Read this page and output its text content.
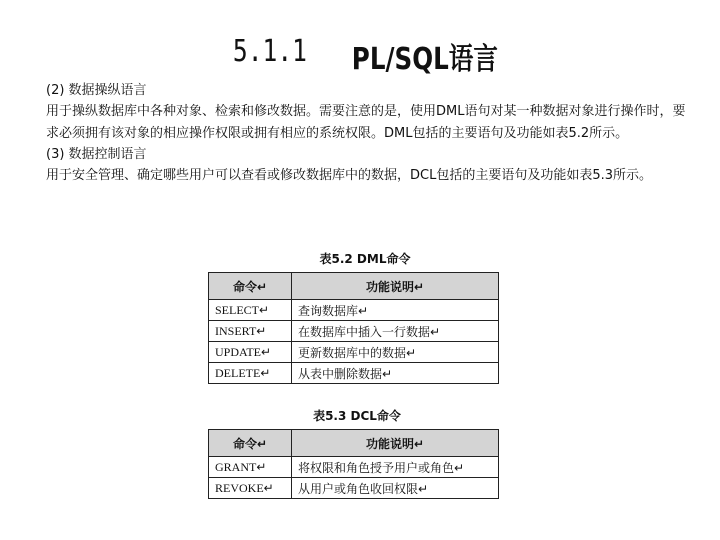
5.1.1 PL/SQL语言

(2) 数据操纵语言

用于操纵数据库中各种对象、检索和修改数据。需要注意的是，使用DML语句对某一种数据对象进行操作时，要求必须拥有该对象的相应操作权限或拥有相应的系统权限。DML包括的主要语句及功能如表5.2所示。

(3) 数据控制语言

用于安全管理、确定哪些用户可以查看或修改数据库中的数据，DCL包括的主要语句及功能如表5.3所示。

表5.2 DML命令
命令↵	功能说明↵
SELECT↵	查询数据库↵
INSERT↵	在数据库中插入一行数据↵
UPDATE↵	更新数据库中的数据↵
DELETE↵	从表中删除数据↵
表5.3 DCL命令
命令↵	功能说明↵
GRANT↵	将权限和角色授予用户或角色↵
REVOKE↵	从用户或角色收回权限↵
